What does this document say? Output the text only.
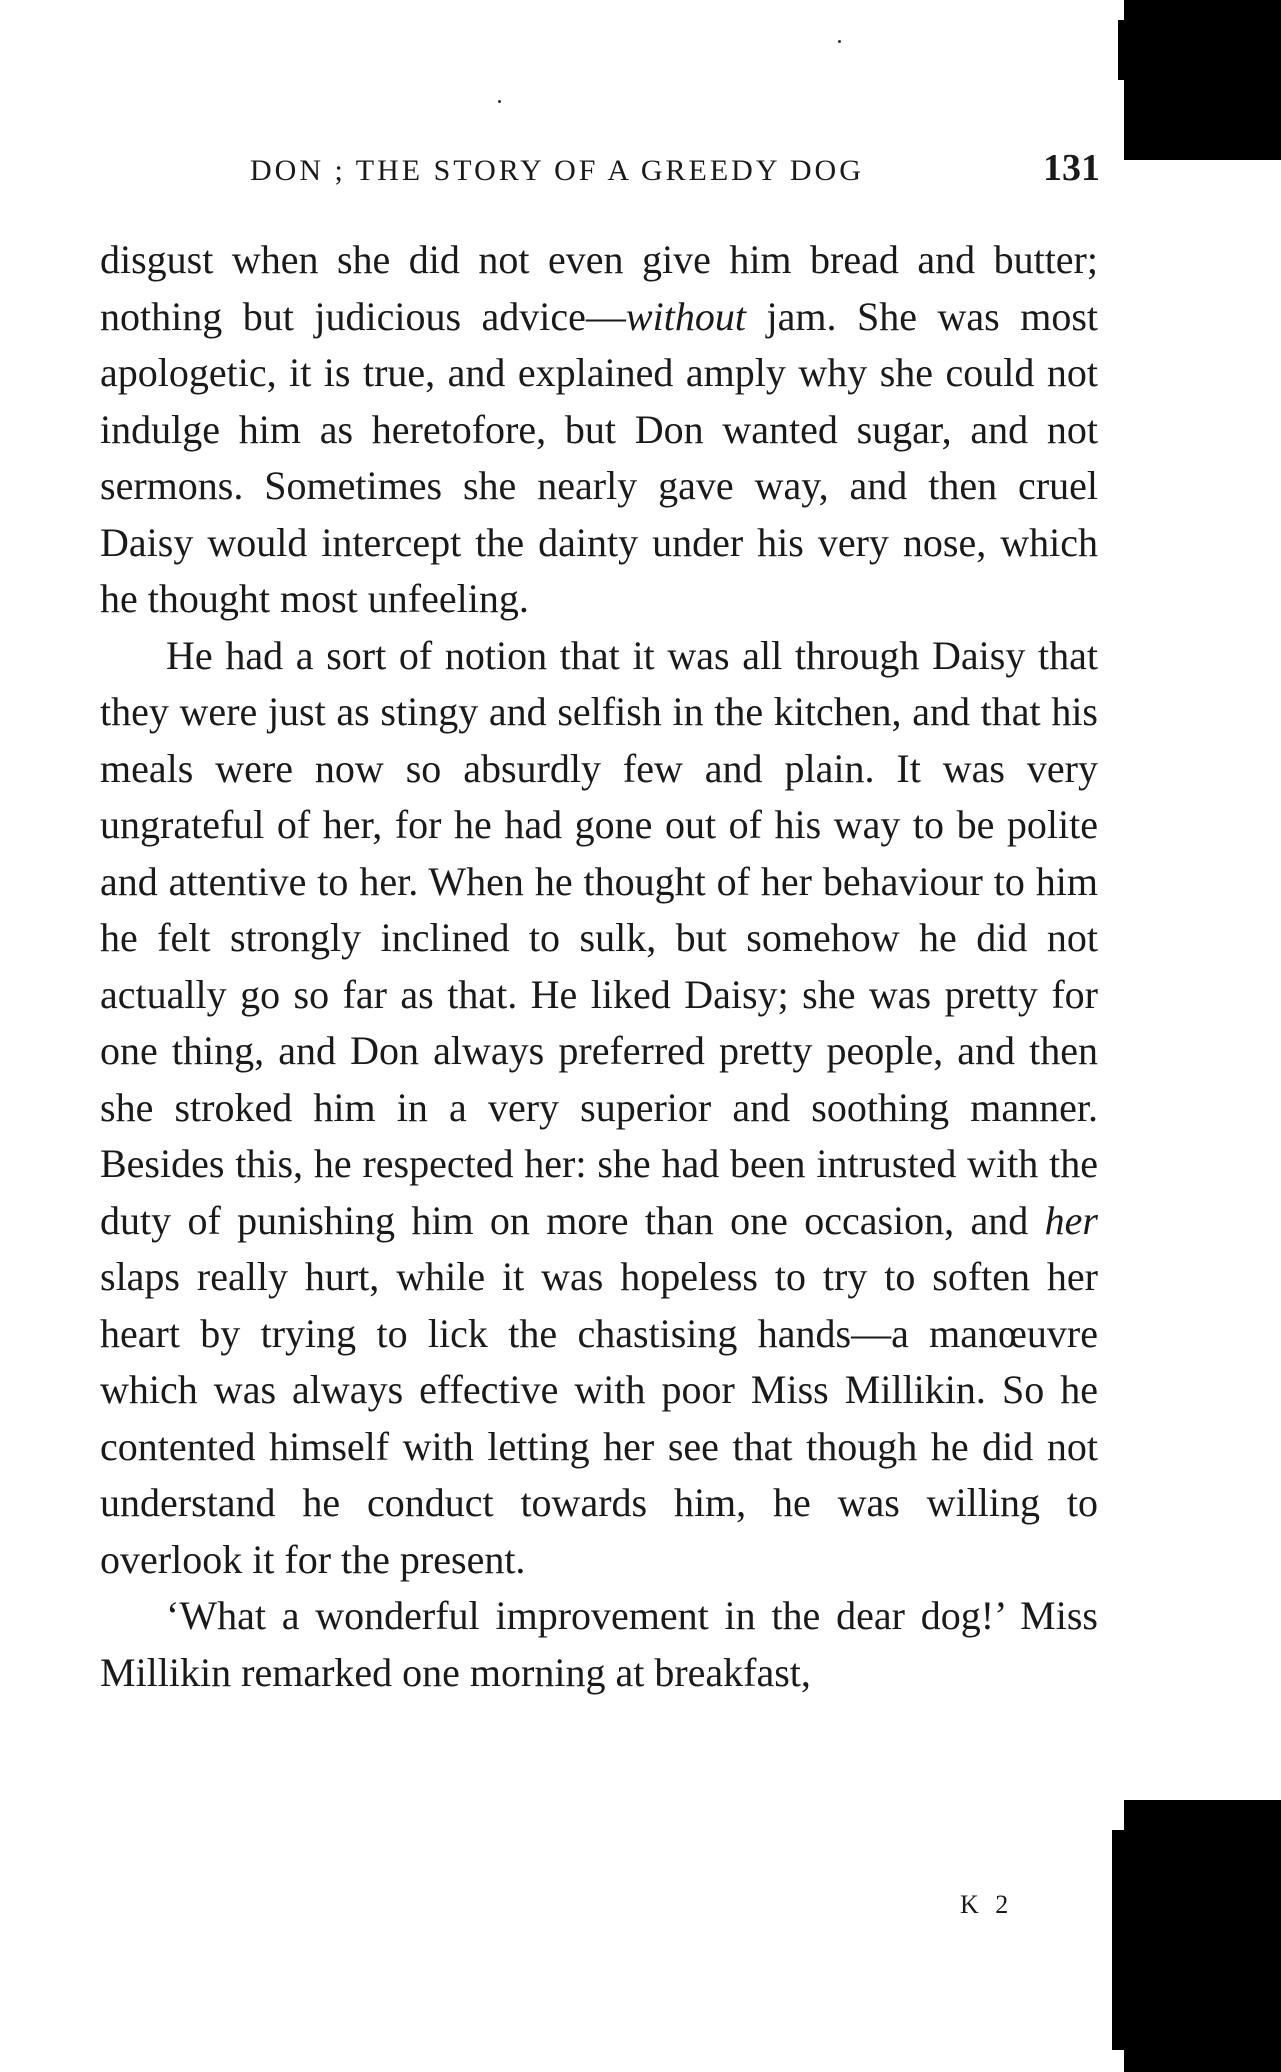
DON ; THE STORY OF A GREEDY DOG	131

disgust when she did not even give him bread and butter; nothing but judicious advice—without jam. She was most apologetic, it is true, and explained amply why she could not indulge him as heretofore, but Don wanted sugar, and not sermons. Sometimes she nearly gave way, and then cruel Daisy would intercept the dainty under his very nose, which he thought most unfeeling.

He had a sort of notion that it was all through Daisy that they were just as stingy and selfish in the kitchen, and that his meals were now so absurdly few and plain. It was very ungrateful of her, for he had gone out of his way to be polite and attentive to her. When he thought of her behaviour to him he felt strongly inclined to sulk, but somehow he did not actually go so far as that. He liked Daisy; she was pretty for one thing, and Don always preferred pretty people, and then she stroked him in a very superior and soothing manner. Besides this, he respected her: she had been intrusted with the duty of punishing him on more than one occasion, and her slaps really hurt, while it was hopeless to try to soften her heart by trying to lick the chastising hands—a manœuvre which was always effective with poor Miss Millikin. So he contented himself with letting her see that though he did not understand he conduct towards him, he was willing to overlook it for the present.

‘What a wonderful improvement in the dear dog!’ Miss Millikin remarked one morning at breakfast,

K 2
